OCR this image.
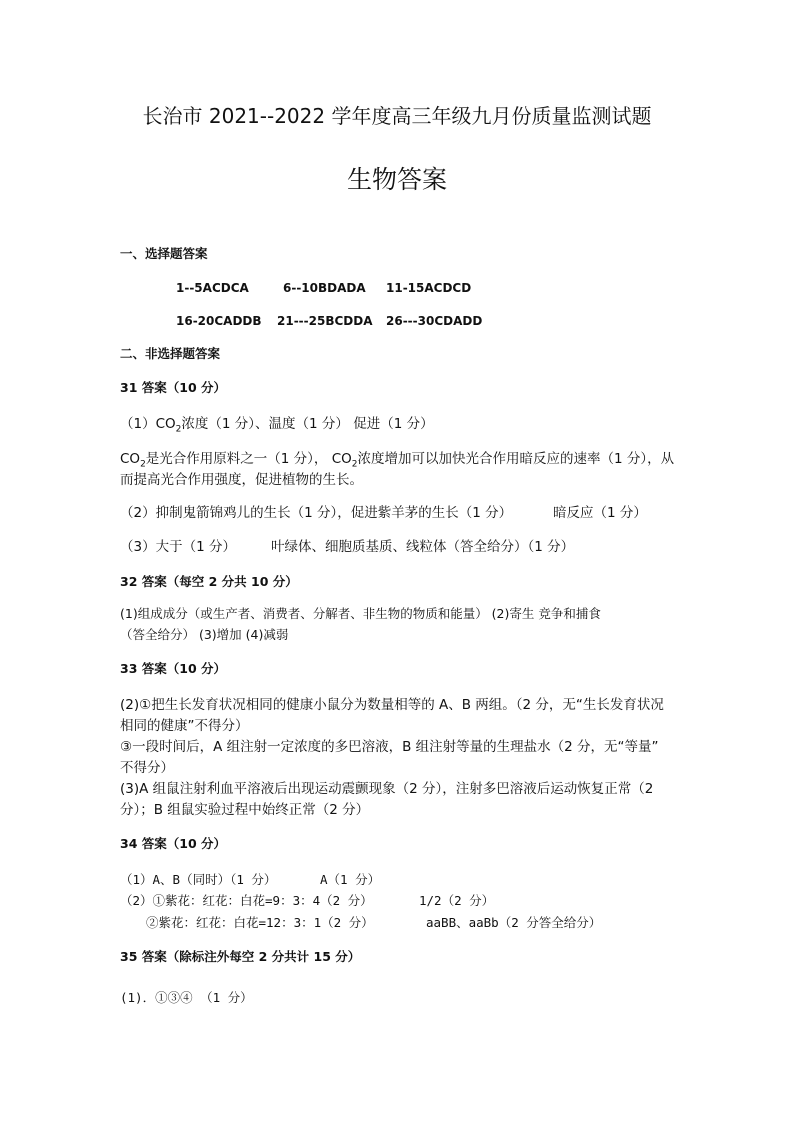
长治市 2021--2022 学年度高三年级九月份质量监测试题
生物答案
一、选择题答案
1--5ACDCA	6--10BDADA 11-15ACDCD
16-20CADDB 21---25BCDDA 26---30CDADD
二、非选择题答案
31 答案（10 分）
$(1)CO_2$浓度（1 分）、温度（1 分） 促进（1 分）
$CO_2$是光合作用原料之一（1 分）， $CO_2$浓度增加可以加快光合作用暗反应的速率（1 分），从
而提高光合作用强度，促进植物的生长。
（2）抑制鬼箭锦鸡儿的生长（1 分），促进紫羊茅的生长（1 分）	暗反应（1 分）
（3）大于（1 分）	叶绿体、细胞质基质、线粒体（答全给分）（1 分）
32 答案（每空 2 分共 10 分）
(1)组成成分（或生产者、消费者、分解者、非生物的物质和能量） (2)寄生 竞争和捕食
（答全给分） (3)增加 (4)减弱
33 答案（10 分）
(2)①把生长发育状况相同的健康小鼠分为数量相等的 A、B 两组。（2 分，无“生长发育状况
相同的健康”不得分）
③一段时间后，A 组注射一定浓度的多巴溶液，B 组注射等量的生理盐水（2 分，无“等量”
不得分）
(3)A 组鼠注射利血平溶液后出现运动震颤现象（2 分），注射多巴溶液后运动恢复正常（2
分）；B 组鼠实验过程中始终正常（2 分）
34 答案（10 分）
（1）A、B（同时）（1 分）	A（1 分）
（2）①紫花：红花：白花=9：3：4（2 分）	1/2（2 分）
②紫花：红花：白花=12：3：1（2 分）	aaBB、aaBb（2 分答全给分）
35 答案（除标注外每空 2 分共计 15 分）
(1)．①③④ （1 分）
